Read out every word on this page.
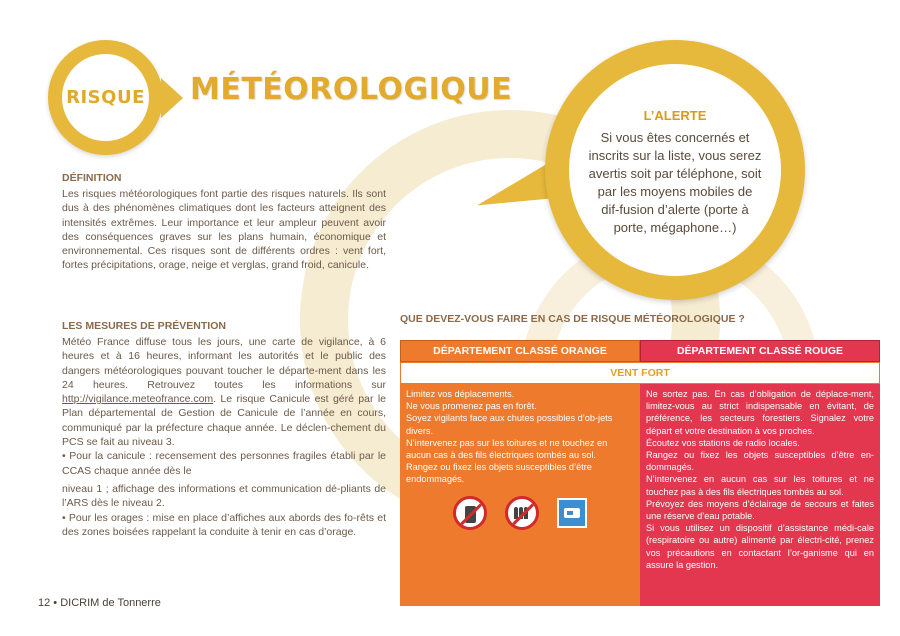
RISQUE MÉTÉOROLOGIQUE
L’ALERTE
Si vous êtes concernés et inscrits sur la liste, vous serez avertis soit par téléphone, soit par les moyens mobiles de dif-fusion d’alerte (porte à porte, mégaphone…)
DÉFINITION

Les risques météorologiques font partie des risques naturels. Ils sont dus à des phénomènes climatiques dont les facteurs atteignent des intensités extrêmes. Leur importance et leur ampleur peuvent avoir des conséquences graves sur les plans humain, économique et environnemental. Ces risques sont de différents ordres : vent fort, fortes précipitations, orage, neige et verglas, grand froid, canicule.

LES MESURES DE PRÉVENTION

Météo France diffuse tous les jours, une carte de vigilance, à 6 heures et à 16 heures, informant les autorités et le public des dangers météorologiques pouvant toucher le départe-ment dans les 24 heures. Retrouvez toutes les informations sur http://vigilance.meteofrance.com. Le risque Canicule est géré par le Plan départemental de Gestion de Canicule de l’année en cours, communiqué par la préfecture chaque année. Le déclen-chement du PCS se fait au niveau 3.

• Pour la canicule : recensement des personnes fragiles établi par le CCAS chaque année dès le

niveau 1 ; affichage des informations et communication dé-pliants de l’ARS dès le niveau 2.

• Pour les orages : mise en place d’affiches aux abords des fo-rêts et des zones boisées rappelant la conduite à tenir en cas d’orage.

12 • DICRIM de Tonnerre
QUE DEVEZ-VOUS FAIRE EN CAS DE RISQUE MÉTÉOROLOGIQUE ?
DÉPARTEMENT CLASSÉ ORANGE	DÉPARTEMENT CLASSÉ ROUGE
VENT FORT

Limitez vos déplacements.

Ne vous promenez pas en forêt.

Soyez vigilants face aux chutes possibles d’ob-jets divers.

N’intervenez pas sur les toitures et ne touchez en aucun cas à des fils électriques tombés au sol.

Rangez ou fixez les objets susceptibles d’être endommagés.

Ne sortez pas. En cas d’obligation de déplace-ment, limitez-vous au strict indispensable en évitant, de préférence, les secteurs forestiers. Signalez votre départ et votre destination à vos proches.

Écoutez vos stations de radio locales.

Rangez ou fixez les objets susceptibles d’être en-dommagés.

N’intervenez en aucun cas sur les toitures et ne touchez pas à des fils électriques tombés au sol.

Prévoyez des moyens d’éclairage de secours et faites une réserve d’eau potable.

Si vous utilisez un dispositif d’assistance médi-cale (respiratoire ou autre) alimenté par électri-cité, prenez vos précautions en contactant l’or-ganisme qui en assure la gestion.
